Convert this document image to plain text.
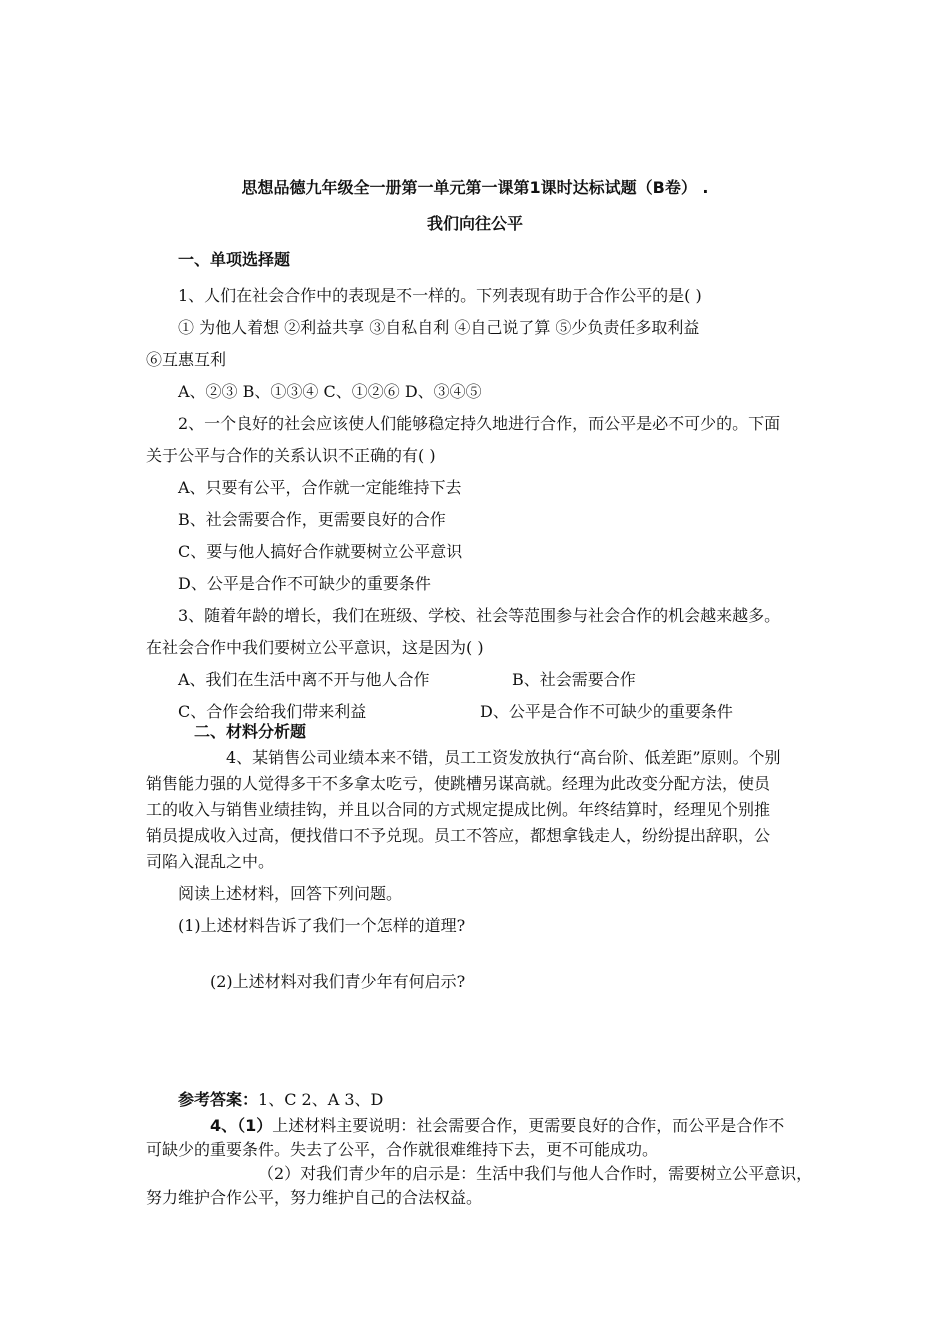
思想品德九年级全一册第一单元第一课第1课时达标试题（B卷） .
我们向往公平
一、单项选择题
1、人们在社会合作中的表现是不一样的。下列表现有助于合作公平的是( )
① 为他人着想 ②利益共享 ③自私自利 ④自己说了算 ⑤少负责任多取利益
⑥互惠互利
A、②③ B、①③④ C、①②⑥ D、③④⑤
2、一个良好的社会应该使人们能够稳定持久地进行合作，而公平是必不可少的。下面
关于公平与合作的关系认识不正确的有( )
A、只要有公平，合作就一定能维持下去
B、社会需要合作，更需要良好的合作
C、要与他人搞好合作就要树立公平意识
D、公平是合作不可缺少的重要条件
3、随着年龄的增长，我们在班级、学校、社会等范围参与社会合作的机会越来越多。
在社会合作中我们要树立公平意识，这是因为( )
A、我们在生活中离不开与他人合作	B、社会需要合作
C、合作会给我们带来利益	D、公平是合作不可缺少的重要条件
二、材料分析题
4、某销售公司业绩本来不错，员工工资发放执行“高台阶、低差距”原则。个别
销售能力强的人觉得多干不多拿太吃亏，使跳槽另谋高就。经理为此改变分配方法，使员
工的收入与销售业绩挂钩，并且以合同的方式规定提成比例。年终结算时，经理见个别推
销员提成收入过高，便找借口不予兑现。员工不答应，都想拿钱走人，纷纷提出辞职，公
司陷入混乱之中。
阅读上述材料，回答下列问题。
(1)上述材料告诉了我们一个怎样的道理?
(2)上述材料对我们青少年有何启示?
参考答案：1、C 2、A 3、D
4、（1）上述材料主要说明：社会需要合作，更需要良好的合作，而公平是合作不
可缺少的重要条件。失去了公平，合作就很难维持下去，更不可能成功。
（2）对我们青少年的启示是：生活中我们与他人合作时，需要树立公平意识，
努力维护合作公平，努力维护自己的合法权益。
